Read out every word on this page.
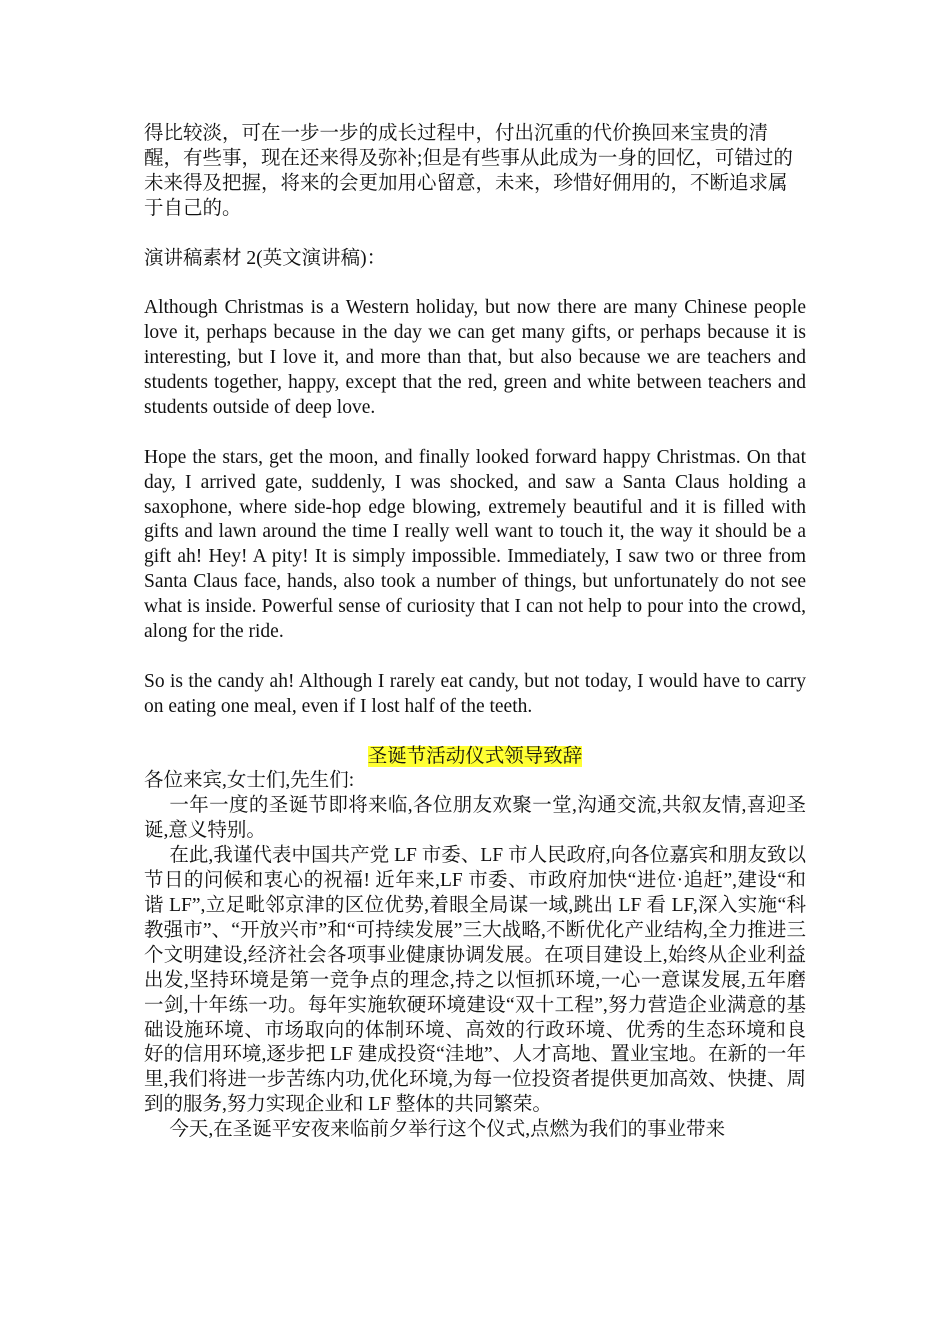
得比较淡，可在一步一步的成长过程中，付出沉重的代价换回来宝贵的清醒，有些事，现在还来得及弥补;但是有些事从此成为一身的回忆，可错过的未来得及把握，将来的会更加用心留意，未来，珍惜好佣用的，不断追求属于自己的。

演讲稿素材 2(英文演讲稿)：

Although Christmas is a Western holiday, but now there are many Chinese people love it, perhaps because in the day we can get many gifts, or perhaps because it is interesting, but I love it, and more than that, but also because we are teachers and students together, happy, except that the red, green and white between teachers and students outside of deep love.

Hope the stars, get the moon, and finally looked forward happy Christmas. On that day, I arrived gate, suddenly, I was shocked, and saw a Santa Claus holding a saxophone, where side-hop edge blowing, extremely beautiful and it is filled with gifts and lawn around the time I really well want to touch it, the way it should be a gift ah! Hey! A pity! It is simply impossible. Immediately, I saw two or three from Santa Claus face, hands, also took a number of things, but unfortunately do not see what is inside. Powerful sense of curiosity that I can not help to pour into the crowd, along for the ride.

So is the candy ah! Although I rarely eat candy, but not today, I would have to carry on eating one meal, even if I lost half of the teeth.

圣诞节活动仪式领导致辞

各位来宾,女士们,先生们:

一年一度的圣诞节即将来临,各位朋友欢聚一堂,沟通交流,共叙友情,喜迎圣诞,意义特别。

在此,我谨代表中国共产党 LF 市委、LF 市人民政府,向各位嘉宾和朋友致以节日的问候和衷心的祝福! 近年来,LF 市委、市政府加快“进位·追赶”,建设“和谐 LF”,立足毗邻京津的区位优势,着眼全局谋一域,跳出 LF 看 LF,深入实施“科教强市”、“开放兴市”和“可持续发展”三大战略,不断优化产业结构,全力推进三个文明建设,经济社会各项事业健康协调发展。在项目建设上,始终从企业利益出发,坚持环境是第一竞争点的理念,持之以恒抓环境,一心一意谋发展,五年磨一剑,十年练一功。每年实施软硬环境建设“双十工程”,努力营造企业满意的基础设施环境、市场取向的体制环境、高效的行政环境、优秀的生态环境和良好的信用环境,逐步把 LF 建成投资“洼地”、人才高地、置业宝地。在新的一年里,我们将进一步苦练内功,优化环境,为每一位投资者提供更加高效、快捷、周到的服务,努力实现企业和 LF 整体的共同繁荣。

今天,在圣诞平安夜来临前夕举行这个仪式,点燃为我们的事业带来
